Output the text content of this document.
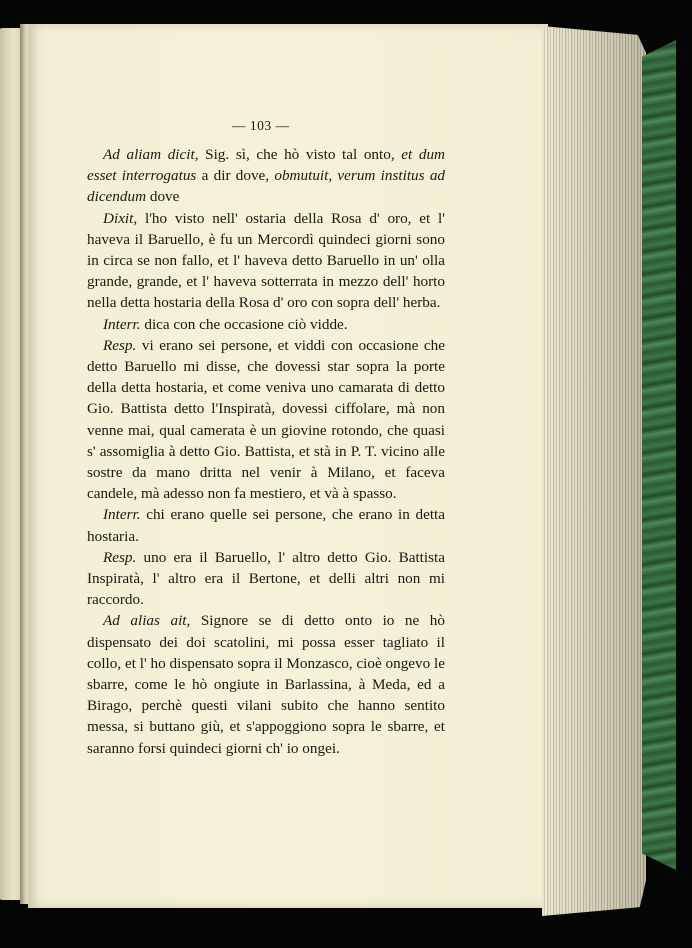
— 103 —

Ad aliam dicit, Sig. sì, che hò visto tal onto, et dum esset interrogatus a dir dove, obmutuit, verum institus ad dicendum dove

Dixit, l'ho visto nell' ostaria della Rosa d' oro, et l' haveva il Baruello, è fu un Mercordì quindeci giorni sono in circa se non fallo, et l' haveva detto Baruello in un' olla grande, grande, et l' haveva sotterrata in mezzo dell' horto nella detta hostaria della Rosa d' oro con sopra dell' herba.

Interr. dica con che occasione ciò vidde.

Resp. vi erano sei persone, et viddi con occasione che detto Baruello mi disse, che dovessi star sopra la porte della detta hostaria, et come veniva uno camarata di detto Gio. Battista detto l'Inspiratà, dovessi ciffolare, mà non venne mai, qual camerata è un giovine rotondo, che quasi s' assomiglia à detto Gio. Battista, et stà in P. T. vicino alle sostre da mano dritta nel venir à Milano, et faceva candele, mà adesso non fa mestiero, et và à spasso.

Interr. chi erano quelle sei persone, che erano in detta hostaria.

Resp. uno era il Baruello, l' altro detto Gio. Battista Inspiratà, l' altro era il Bertone, et delli altri non mi raccordo.

Ad alias ait, Signore se di detto onto io ne hò dispensato dei doi scatolini, mi possa esser tagliato il collo, et l' ho dispensato sopra il Monzasco, cioè ongevo le sbarre, come le hò ongiute in Barlassina, à Meda, ed a Birago, perchè questi vilani subito che hanno sentito messa, si buttano giù, et s'appoggiono sopra le sbarre, et saranno forsi quindeci giorni ch' io ongei.
